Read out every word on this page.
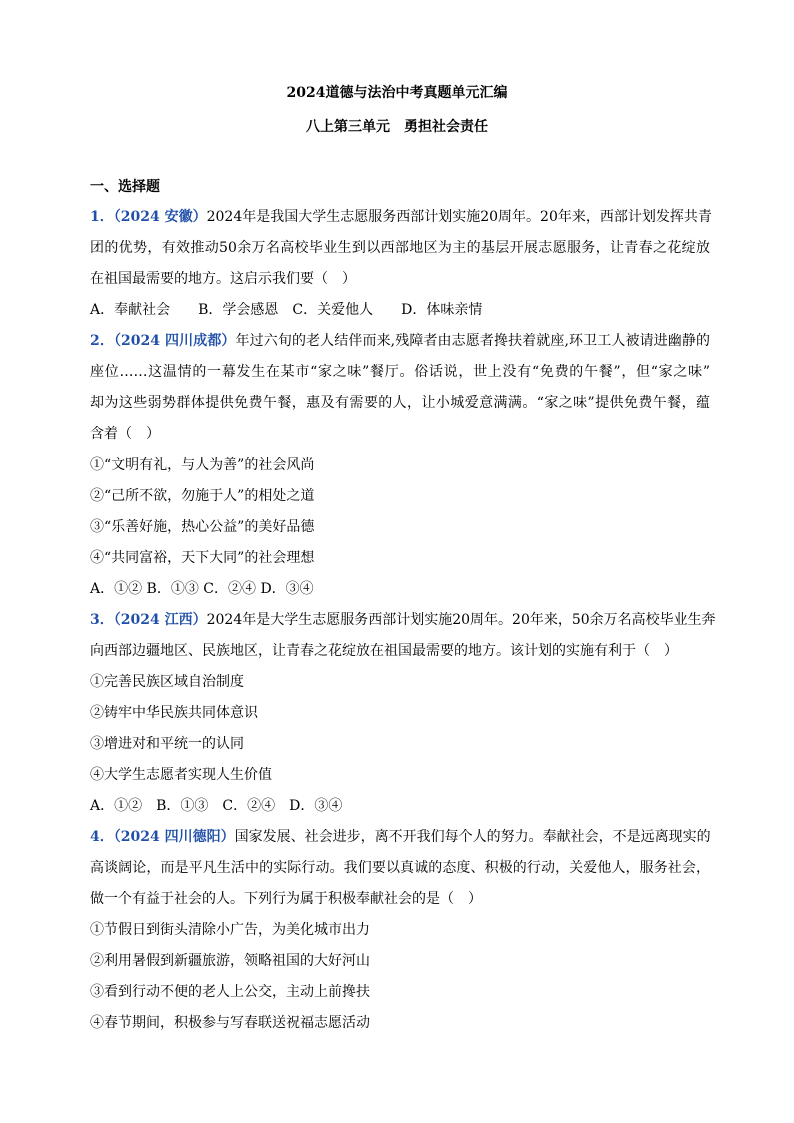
2024道德与法治中考真题单元汇编
八上第三单元　勇担社会责任
一、选择题
1．（2024 安徽）2024年是我国大学生志愿服务西部计划实施20周年。20年来，西部计划发挥共青
团的优势，有效推动50余万名高校毕业生到以西部地区为主的基层开展志愿服务，让青春之花绽放
在祖国最需要的地方。这启示我们要（　）
A．奉献社会　　B．学会感恩　C．关爱他人　　D．体味亲情
2．（2024 四川成都）年过六旬的老人结伴而来,残障者由志愿者搀扶着就座,环卫工人被请进幽静的
座位……这温情的一幕发生在某市“家之味”餐厅。俗话说，世上没有“免费的午餐”，但“家之味”
却为这些弱势群体提供免费午餐，惠及有需要的人，让小城爱意满满。“家之味”提供免费午餐，蕴
含着（　）
①“文明有礼，与人为善”的社会风尚
②“己所不欲，勿施于人”的相处之道
③“乐善好施，热心公益”的美好品德
④“共同富裕，天下大同”的社会理想
A．①② B．①③ C．②④ D．③④
3．（2024 江西）2024年是大学生志愿服务西部计划实施20周年。20年来，50余万名高校毕业生奔
向西部边疆地区、民族地区，让青春之花绽放在祖国最需要的地方。该计划的实施有利于（　）
①完善民族区域自治制度
②铸牢中华民族共同体意识
③增进对和平统一的认同
④大学生志愿者实现人生价值
A．①②　B．①③　C．②④　D．③④
4．（2024 四川德阳）国家发展、社会进步，离不开我们每个人的努力。奉献社会，不是远离现实的
高谈阔论，而是平凡生活中的实际行动。我们要以真诚的态度、积极的行动，关爱他人，服务社会，
做一个有益于社会的人。下列行为属于积极奉献社会的是（　）
①节假日到街头清除小广告，为美化城市出力
②利用暑假到新疆旅游，领略祖国的大好河山
③看到行动不便的老人上公交，主动上前搀扶
④春节期间，积极参与写春联送祝福志愿活动
